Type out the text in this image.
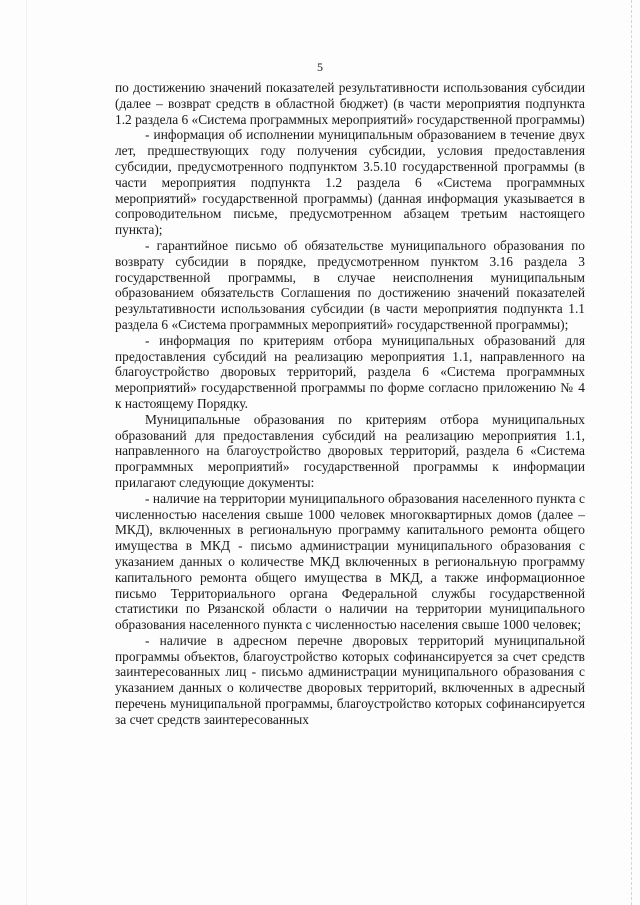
5

по достижению значений показателей результативности использования субсидии (далее – возврат средств в областной бюджет) (в части мероприятия подпункта 1.2 раздела 6 «Система программных мероприятий» государственной программы)

- информация об исполнении муниципальным образованием в течение двух лет, предшествующих году получения субсидии, условия предоставления субсидии, предусмотренного подпунктом 3.5.10 государственной программы (в части мероприятия подпункта 1.2 раздела 6 «Система программных мероприятий» государственной программы) (данная информация указывается в сопроводительном письме, предусмотренном абзацем третьим настоящего пункта);

- гарантийное письмо об обязательстве муниципального образования по возврату субсидии в порядке, предусмотренном пунктом 3.16 раздела 3 государственной программы, в случае неисполнения муниципальным образованием обязательств Соглашения по достижению значений показателей результативности использования субсидии (в части мероприятия подпункта 1.1 раздела 6 «Система программных мероприятий» государственной программы);

- информация по критериям отбора муниципальных образований для предоставления субсидий на реализацию мероприятия 1.1, направленного на благоустройство дворовых территорий, раздела 6 «Система программных мероприятий» государственной программы по форме согласно приложению № 4 к настоящему Порядку.

Муниципальные образования по критериям отбора муниципальных образований для предоставления субсидий на реализацию мероприятия 1.1, направленного на благоустройство дворовых территорий, раздела 6 «Система программных мероприятий» государственной программы к информации прилагают следующие документы:

- наличие на территории муниципального образования населенного пункта с численностью населения свыше 1000 человек многоквартирных домов (далее – МКД), включенных в региональную программу капитального ремонта общего имущества в МКД - письмо администрации муниципального образования с указанием данных о количестве МКД включенных в региональную программу капитального ремонта общего имущества в МКД, а также информационное письмо Территориального органа Федеральной службы государственной статистики по Рязанской области о наличии на территории муниципального образования населенного пункта с численностью населения свыше 1000 человек;

- наличие в адресном перечне дворовых территорий муниципальной программы объектов, благоустройство которых софинансируется за счет средств заинтересованных лиц - письмо администрации муниципального образования с указанием данных о количестве дворовых территорий, включенных в адресный перечень муниципальной программы, благоустройство которых софинансируется за счет средств заинтересованных
